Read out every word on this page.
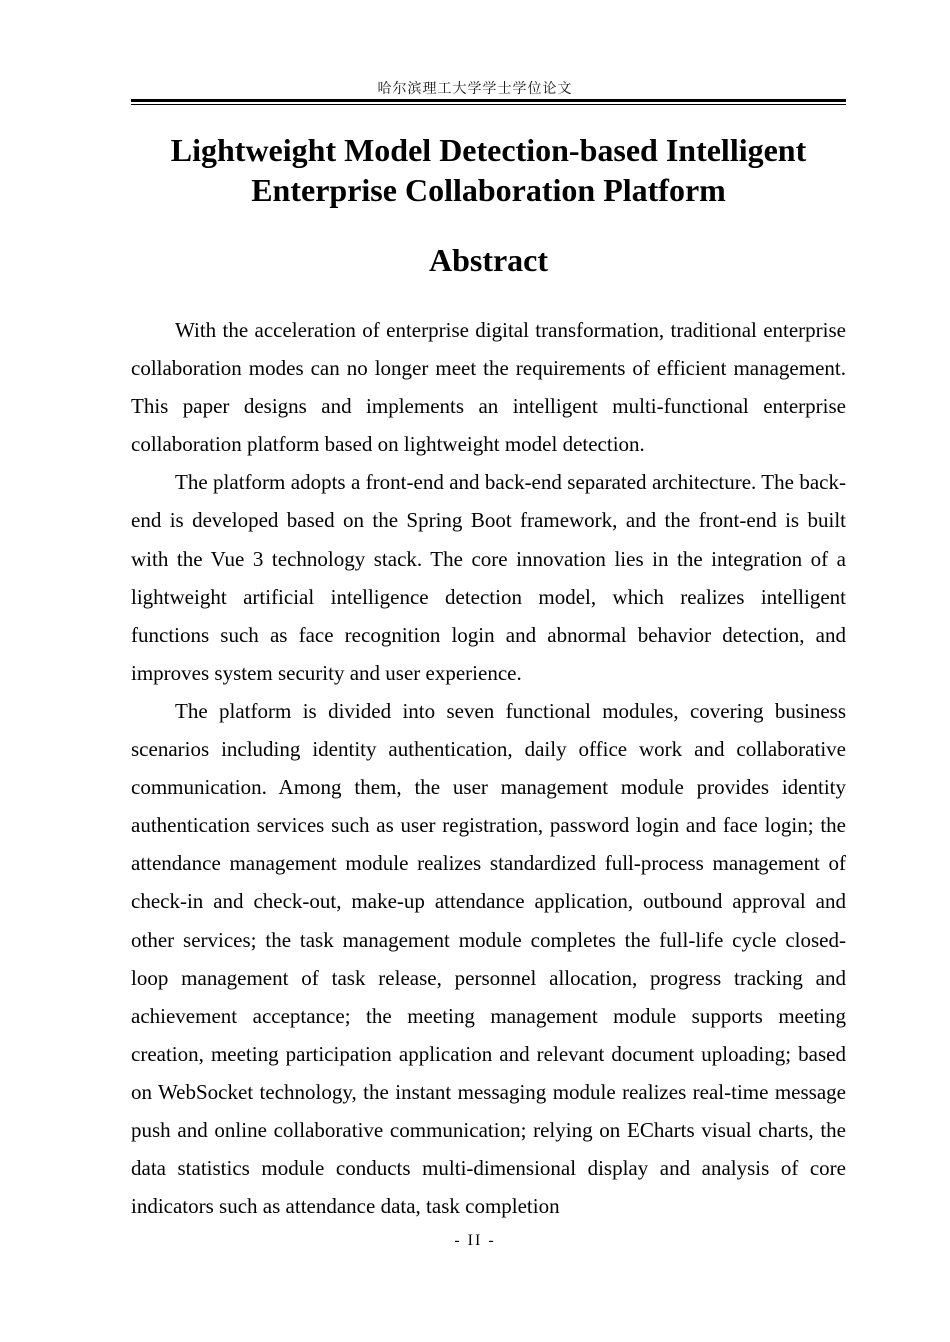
哈尔滨理工大学学士学位论文
Lightweight Model Detection-based Intelligent
Enterprise Collaboration Platform
Abstract

With the acceleration of enterprise digital transformation, traditional enterprise collaboration modes can no longer meet the requirements of efficient management. This paper designs and implements an intelligent multi-functional enterprise collaboration platform based on lightweight model detection.

The platform adopts a front-end and back-end separated architecture. The back-end is developed based on the Spring Boot framework, and the front-end is built with the Vue 3 technology stack. The core innovation lies in the integration of a lightweight artificial intelligence detection model, which realizes intelligent functions such as face recognition login and abnormal behavior detection, and improves system security and user experience.

The platform is divided into seven functional modules, covering business scenarios including identity authentication, daily office work and collaborative communication. Among them, the user management module provides identity authentication services such as user registration, password login and face login; the attendance management module realizes standardized full-process management of check-in and check-out, make-up attendance application, outbound approval and other services; the task management module completes the full-life cycle closed-loop management of task release, personnel allocation, progress tracking and achievement acceptance; the meeting management module supports meeting creation, meeting participation application and relevant document uploading; based on WebSocket technology, the instant messaging module realizes real-time message push and online collaborative communication; relying on ECharts visual charts, the data statistics module conducts multi-dimensional display and analysis of core indicators such as attendance data, task completion

- II -
